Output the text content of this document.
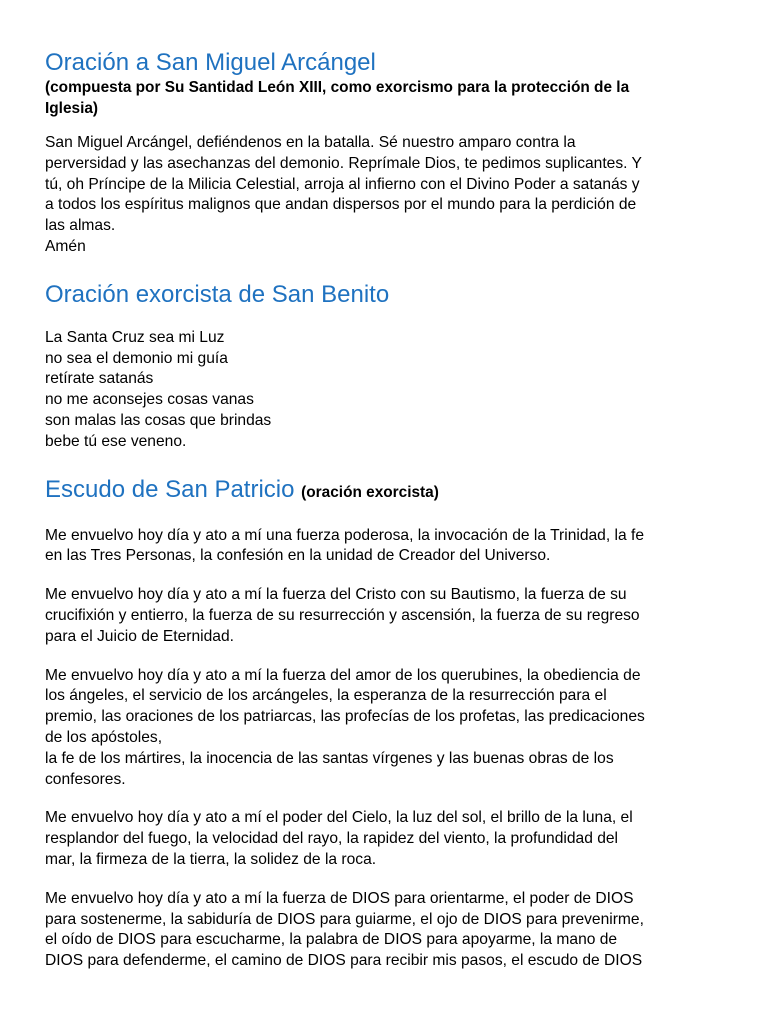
Oración a San Miguel Arcángel

(compuesta por Su Santidad León XIII, como exorcismo para la protección de la

Iglesia)

San Miguel Arcángel, defiéndenos en la batalla. Sé nuestro amparo contra la

perversidad y las asechanzas del demonio. Reprímale Dios, te pedimos suplicantes. Y

tú, oh Príncipe de la Milicia Celestial, arroja al infierno con el Divino Poder a satanás y

a todos los espíritus malignos que andan dispersos por el mundo para la perdición de

las almas.

Amén

Oración exorcista de San Benito

La Santa Cruz sea mi Luz

no sea el demonio mi guía

retírate satanás

no me aconsejes cosas vanas

son malas las cosas que brindas

bebe tú ese veneno.

Escudo de San Patricio (oración exorcista)

Me envuelvo hoy día y ato a mí una fuerza poderosa, la invocación de la Trinidad, la fe

en las Tres Personas, la confesión en la unidad de Creador del Universo.

Me envuelvo hoy día y ato a mí la fuerza del Cristo con su Bautismo, la fuerza de su

crucifixión y entierro, la fuerza de su resurrección y ascensión, la fuerza de su regreso

para el Juicio de Eternidad.

Me envuelvo hoy día y ato a mí la fuerza del amor de los querubines, la obediencia de

los ángeles, el servicio de los arcángeles, la esperanza de la resurrección para el

premio, las oraciones de los patriarcas, las profecías de los profetas, las predicaciones

de los apóstoles,

la fe de los mártires, la inocencia de las santas vírgenes y las buenas obras de los

confesores.

Me envuelvo hoy día y ato a mí el poder del Cielo, la luz del sol, el brillo de la luna, el

resplandor del fuego, la velocidad del rayo, la rapidez del viento, la profundidad del

mar, la firmeza de la tierra, la solidez de la roca.

Me envuelvo hoy día y ato a mí la fuerza de DIOS para orientarme, el poder de DIOS

para sostenerme, la sabiduría de DIOS para guiarme, el ojo de DIOS para prevenirme,

el oído de DIOS para escucharme, la palabra de DIOS para apoyarme, la mano de

DIOS para defenderme, el camino de DIOS para recibir mis pasos, el escudo de DIOS
